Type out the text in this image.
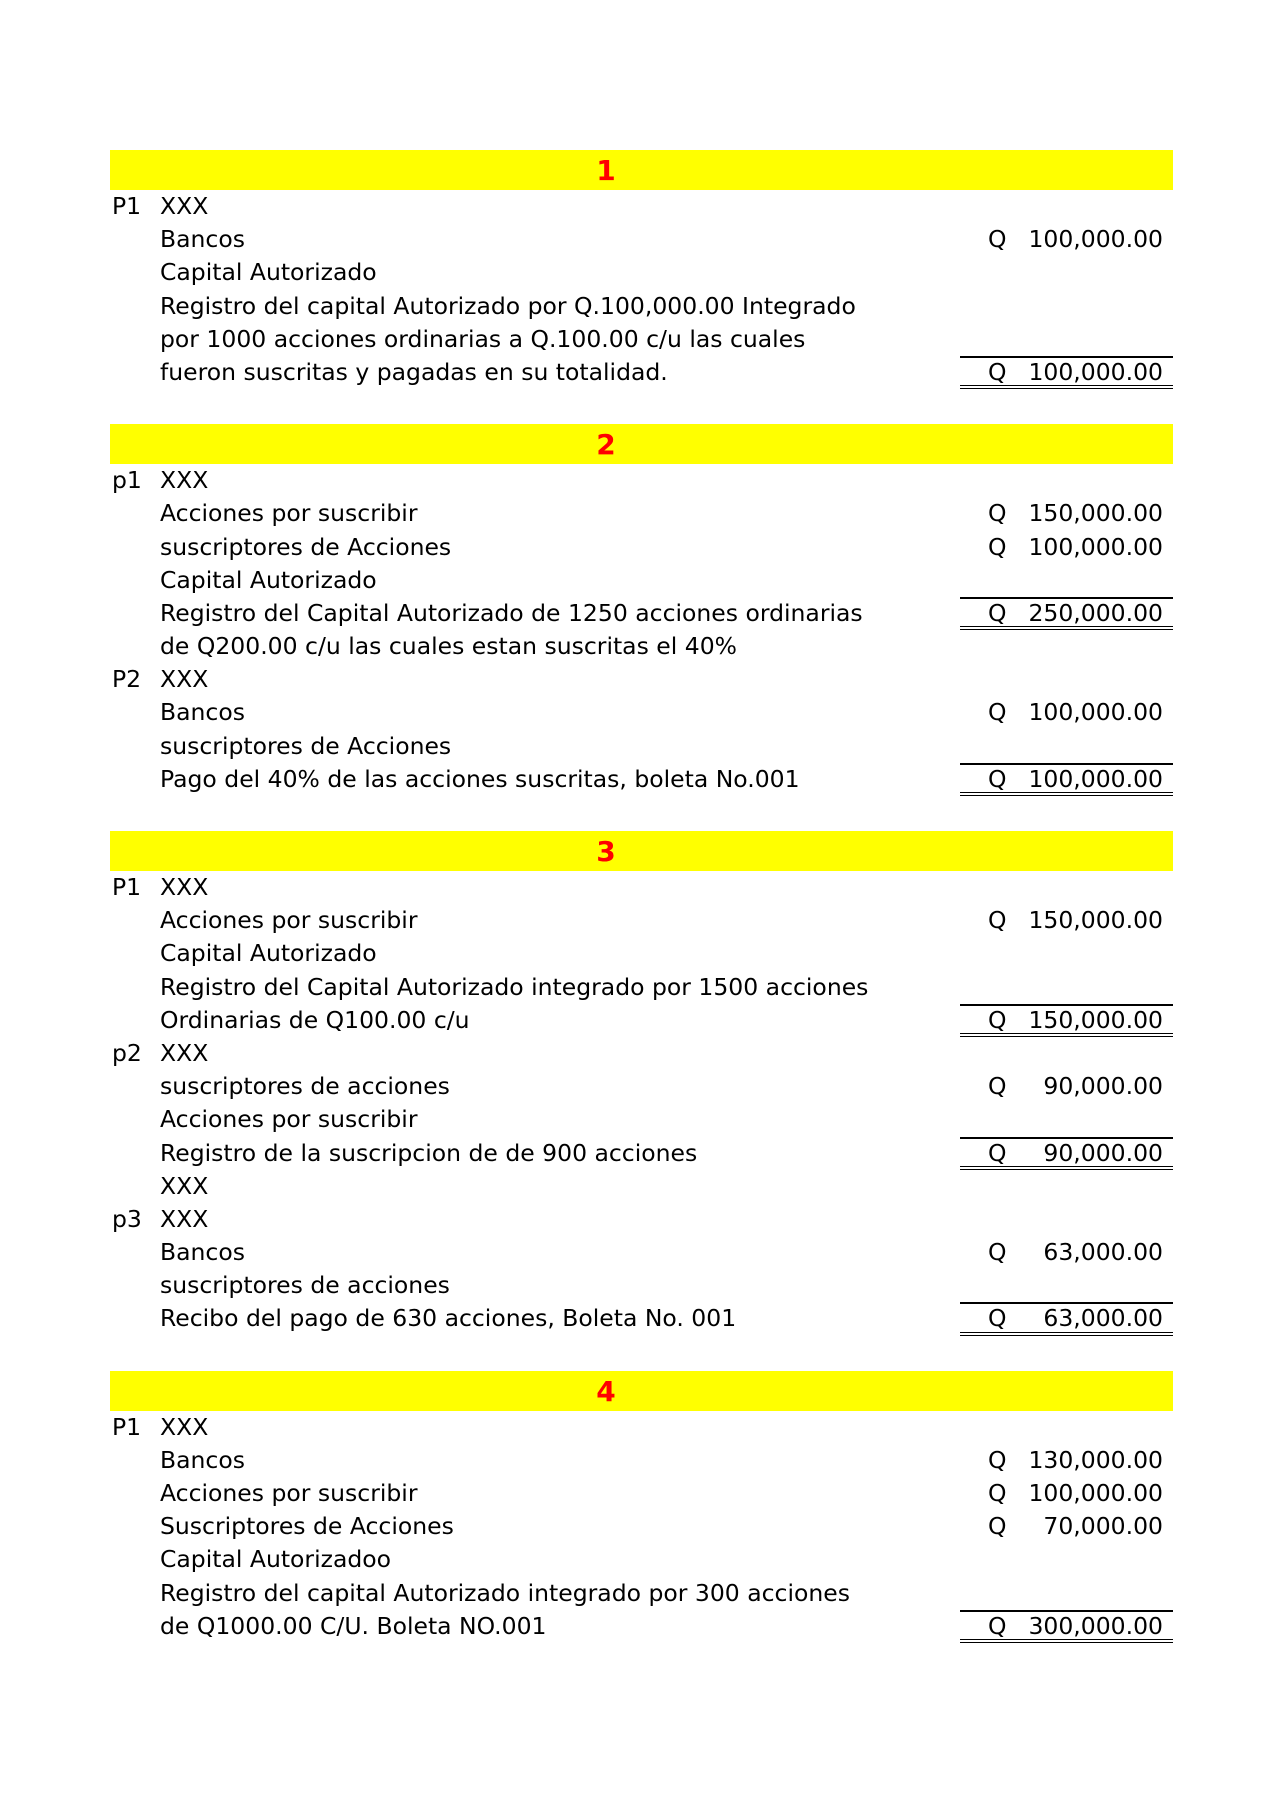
1
P1 XXX
Bancos	Q 100,000.00
Capital Autorizado
Registro del capital Autorizado por Q.100,000.00 Integrado
por 1000 acciones ordinarias a Q.100.00 c/u las cuales
fueron suscritas y pagadas en su totalidad.	Q 100,000.00
2
p1 XXX
Acciones por suscribir	Q 150,000.00
suscriptores de Acciones	Q 100,000.00
Capital Autorizado
Registro del Capital Autorizado de 1250 acciones ordinarias	Q 250,000.00
de Q200.00 c/u las cuales estan suscritas el 40%
P2 XXX
Bancos	Q 100,000.00
suscriptores de Acciones
Pago del 40% de las acciones suscritas, boleta No.001	Q 100,000.00
3
P1 XXX
Acciones por suscribir	Q 150,000.00
Capital Autorizado
Registro del Capital Autorizado integrado por 1500 acciones
Ordinarias de Q100.00 c/u	Q 150,000.00
p2 XXX
suscriptores de acciones	Q 90,000.00
Acciones por suscribir
Registro de la suscripcion de de 900 acciones	Q 90,000.00
XXX
p3 XXX
Bancos	Q 63,000.00
suscriptores de acciones
Recibo del pago de 630 acciones, Boleta No. 001	Q 63,000.00
4
P1 XXX
Bancos	Q 130,000.00
Acciones por suscribir	Q 100,000.00
Suscriptores de Acciones	Q 70,000.00
Capital Autorizadoo
Registro del capital Autorizado integrado por 300 acciones
de Q1000.00 C/U. Boleta NO.001	Q 300,000.00
